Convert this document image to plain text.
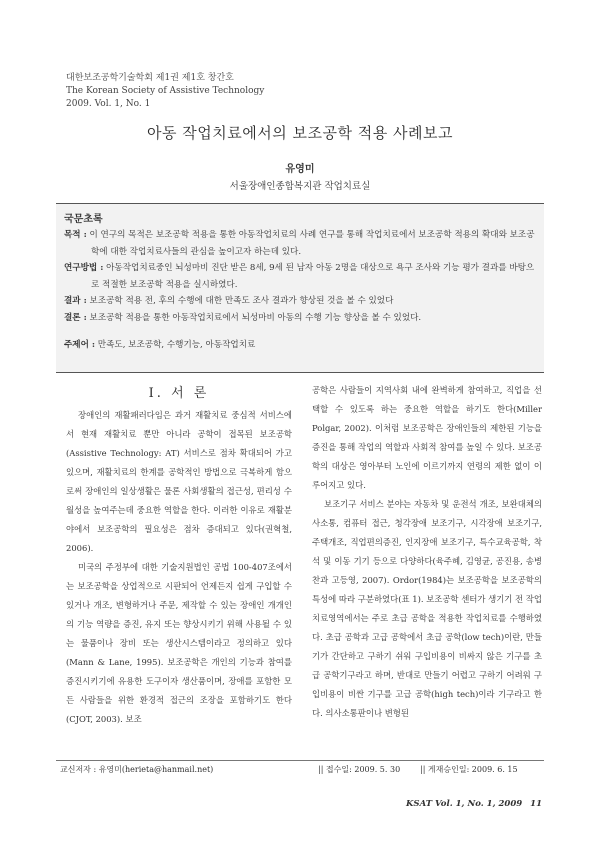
대한보조공학기술학회 제1권 제1호 창간호
The Korean Society of Assistive Technology
2009. Vol. 1, No. 1
아동 작업치료에서의 보조공학 적용 사례보고
유영미
서울장애인종합복지관 작업치료실
국문초록
목적 : 이 연구의 목적은 보조공학 적용을 통한 아동작업치료의 사례 연구를 통해 작업치료에서 보조공학 적용의 확대와 보조공학에 대한 작업치료사들의 관심을 높이고자 하는데 있다.
연구방법 : 아동작업치료중인 뇌성마비 진단 받은 8세, 9세 된 남자 아동 2명을 대상으로 욕구 조사와 기능 평가 결과를 바탕으로 적절한 보조공학 적용을 실시하였다.
결과 : 보조공학 적용 전, 후의 수행에 대한 만족도 조사 결과가 향상된 것을 볼 수 있었다
결론 : 보조공학 적용을 통한 아동작업치료에서 뇌성마비 아동의 수행 기능 향상을 볼 수 있었다.
주제어 : 만족도, 보조공학, 수행기능, 아동작업치료
I. 서 론

장애인의 재활패러다임은 과거 재활치료 중심적 서비스에서 현재 재활치료 뿐만 아니라 공학이 접목된 보조공학(Assistive Technology: AT) 서비스로 점차 확대되어 가고 있으며, 재활치료의 한계를 공학적인 방법으로 극복하게 함으로써 장애인의 일상생활은 물론 사회생활의 접근성, 편리성 수월성을 높여주는데 중요한 역할을 한다. 이러한 이유로 재활분야에서 보조공학의 필요성은 점차 증대되고 있다(권혁철, 2006).

미국의 주정부에 대한 기술지원법인 공법 100-407조에서는 보조공학을 상업적으로 시판되어 언제든지 쉽게 구입할 수 있거나 개조, 변형하거나 주문, 제작할 수 있는 장애인 개개인의 기능 역량을 증진, 유지 또는 향상시키기 위해 사용될 수 있는 물품이나 장비 또는 생산시스템이라고 정의하고 있다(Mann & Lane, 1995). 보조공학은 개인의 기능과 참여를 증진시키기에 유용한 도구이자 생산품이며, 장애를 포함한 모든 사람들을 위한 환경적 접근의 조장을 포함하기도 한다(CJOT, 2003). 보조

공학은 사람들이 지역사회 내에 완벽하게 참여하고, 직업을 선택할 수 있도록 하는 중요한 역할을 하기도 한다(Miller Polgar, 2002). 이처럼 보조공학은 장애인들의 제한된 기능을 증진을 통해 작업의 역할과 사회적 참여를 높일 수 있다. 보조공학의 대상은 영아부터 노인에 이르기까지 연령의 제한 없이 이루어지고 있다.

보조기구 서비스 분야는 자동차 및 운전석 개조, 보완대체의사소통, 컴퓨터 접근, 청각장애 보조기구, 시각장애 보조기구, 주택개조, 직업편의증진, 인지장애 보조기구, 특수교육공학, 착석 및 이동 기기 등으로 다양하다(육주혜, 김영균, 공진용, 송병찬과 고등영, 2007). Ordor(1984)는 보조공학을 보조공학의 특성에 따라 구분하였다(표 1). 보조공학 센터가 생기기 전 작업치료영역에서는 주로 초급 공학을 적용한 작업치료를 수행하였다. 초급 공학과 고급 공학에서 초급 공학(low tech)이란, 만들기가 간단하고 구하기 쉬워 구입비용이 비싸지 않은 기구를 초급 공학기구라고 하며, 반대로 만들기 어렵고 구하기 어려워 구입비용이 비싼 기구를 고급 공학(high tech)이라 기구라고 한다. 의사소통판이나 변형된

교신저자 : 유영미(herieta@hanmail.net)	|| 접수일: 2009. 5. 30 || 게재승인일: 2009. 6. 15
KSAT Vol. 1, No. 1, 2009 11
